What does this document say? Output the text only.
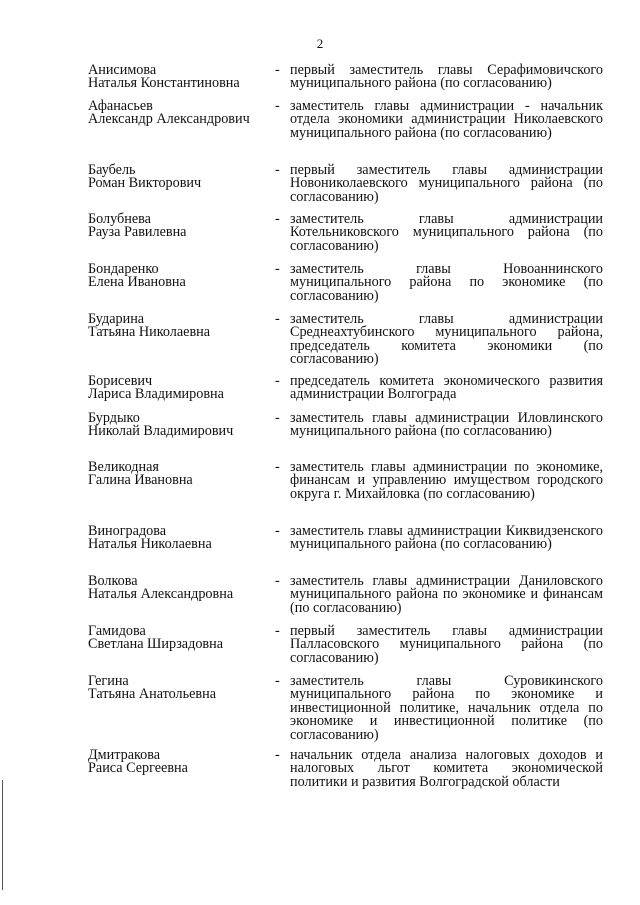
2
Анисимова
Наталья Константиновна
- первый заместитель главы Серафимовичского муниципального района (по согласованию)
Афанасьев
Александр Александрович
- заместитель главы администрации - начальник отдела экономики администрации Николаевского муниципального района (по согласованию)
Баубель
Роман Викторович
- первый заместитель главы администрации Новониколаевского муниципального района (по согласованию)
Болубнева
Рауза Равилевна
- заместитель главы администрации Котельниковского муниципального района (по согласованию)
Бондаренко
Елена Ивановна
- заместитель главы Новоаннинского муниципального района по экономике (по согласованию)
Бударина
Татьяна Николаевна
- заместитель главы администрации Среднеахтубинского муниципального района, председатель комитета экономики (по согласованию)
Борисевич
Лариса Владимировна
- председатель комитета экономического развития администрации Волгограда
Бурдыко
Николай Владимирович
- заместитель главы администрации Иловлинского муниципального района (по согласованию)
Великодная
Галина Ивановна
- заместитель главы администрации по экономике, финансам и управлению имуществом городского округа г. Михайловка (по согласованию)
Виноградова
Наталья Николаевна
- заместитель главы администрации Киквидзенского муниципального района (по согласованию)
Волкова
Наталья Александровна
- заместитель главы администрации Даниловского муниципального района по экономике и финансам (по согласованию)
Гамидова
Светлана Ширзадовна
- первый заместитель главы администрации Палласовского муниципального района (по согласованию)
Гегина
Татьяна Анатольевна
- заместитель главы Суровикинского муниципального района по экономике и инвестиционной политике, начальник отдела по экономике и инвестиционной политике (по согласованию)
Дмитракова
Раиса Сергеевна
- начальник отдела анализа налоговых доходов и налоговых льгот комитета экономической политики и развития Волгоградской области
